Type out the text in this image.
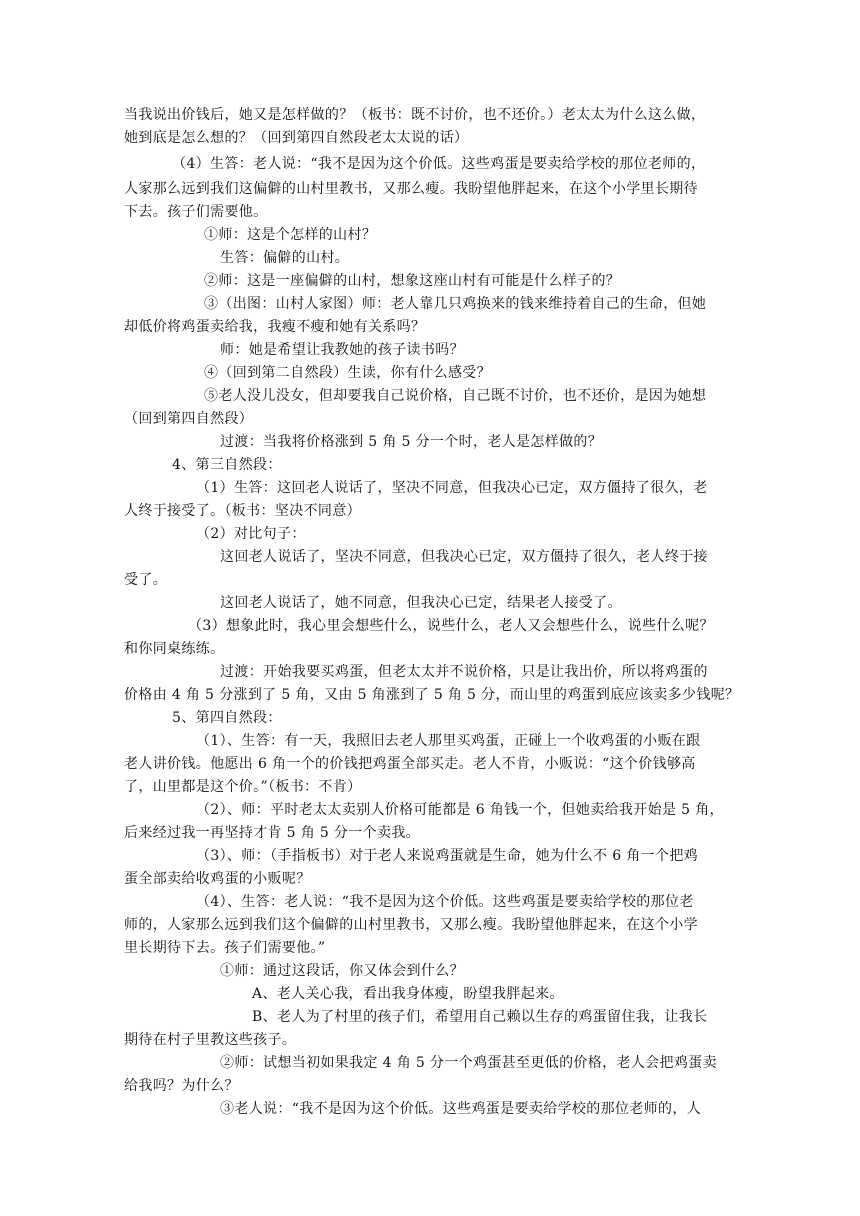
当我说出价钱后，她又是怎样做的？（板书：既不讨价，也不还价。）老太太为什么这么做，
她到底是怎么想的？（回到第四自然段老太太说的话）
（4）生答：老人说：“我不是因为这个价低。这些鸡蛋是要卖给学校的那位老师的，
人家那么远到我们这偏僻的山村里教书，又那么瘦。我盼望他胖起来，在这个小学里长期待
下去。孩子们需要他。
①师：这是个怎样的山村？
生答：偏僻的山村。
②师：这是一座偏僻的山村，想象这座山村有可能是什么样子的？
③（出图：山村人家图）师：老人靠几只鸡换来的钱来维持着自己的生命，但她
却低价将鸡蛋卖给我，我瘦不瘦和她有关系吗？
师：她是希望让我教她的孩子读书吗？
④（回到第二自然段）生读，你有什么感受？
⑤老人没儿没女，但却要我自己说价格，自己既不讨价，也不还价，是因为她想
（回到第四自然段）
过渡：当我将价格涨到 5 角 5 分一个时，老人是怎样做的？
4、第三自然段：
（1）生答：这回老人说话了，坚决不同意，但我决心已定，双方僵持了很久，老
人终于接受了。（板书：坚决不同意）
（2）对比句子：
这回老人说话了，坚决不同意，但我决心已定，双方僵持了很久，老人终于接
受了。
这回老人说话了，她不同意，但我决心已定，结果老人接受了。
（3）想象此时，我心里会想些什么，说些什么，老人又会想些什么，说些什么呢？
和你同桌练练。
过渡：开始我要买鸡蛋，但老太太并不说价格，只是让我出价，所以将鸡蛋的
价格由 4 角 5 分涨到了 5 角，又由 5 角涨到了 5 角 5 分，而山里的鸡蛋到底应该卖多少钱呢？
5、第四自然段：
（1）、生答：有一天，我照旧去老人那里买鸡蛋，正碰上一个收鸡蛋的小贩在跟
老人讲价钱。他愿出 6 角一个的价钱把鸡蛋全部买走。老人不肯，小贩说：“这个价钱够高
了，山里都是这个价。”（板书：不肯）
（2）、师：平时老太太卖别人价格可能都是 6 角钱一个，但她卖给我开始是 5 角，
后来经过我一再坚持才肯 5 角 5 分一个卖我。
（3）、师：（手指板书）对于老人来说鸡蛋就是生命，她为什么不 6 角一个把鸡
蛋全部卖给收鸡蛋的小贩呢？
（4）、生答：老人说：“我不是因为这个价低。这些鸡蛋是要卖给学校的那位老
师的，人家那么远到我们这个偏僻的山村里教书，又那么瘦。我盼望他胖起来，在这个小学
里长期待下去。孩子们需要他。”
①师：通过这段话，你又体会到什么？
A、老人关心我，看出我身体瘦，盼望我胖起来。
B、老人为了村里的孩子们，希望用自己赖以生存的鸡蛋留住我，让我长
期待在村子里教这些孩子。
②师：试想当初如果我定 4 角 5 分一个鸡蛋甚至更低的价格，老人会把鸡蛋卖
给我吗？为什么？
③老人说：“我不是因为这个价低。这些鸡蛋是要卖给学校的那位老师的，人
